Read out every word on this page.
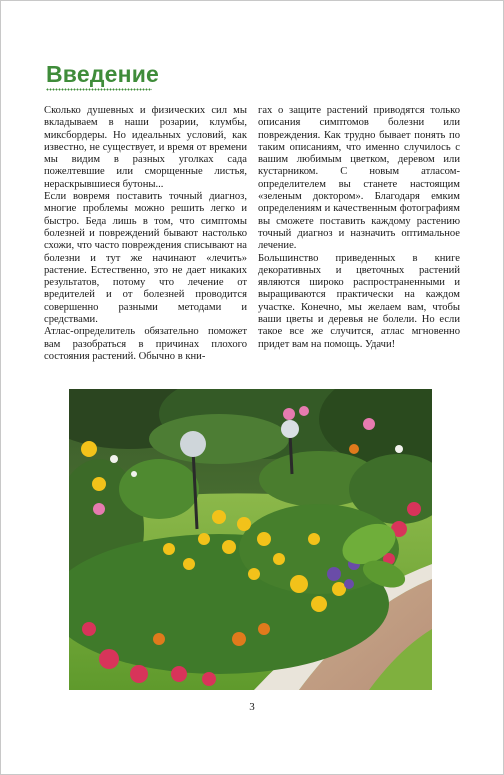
Введение

Сколько душевных и физических сил мы вкладываем в наши розарии, клумбы, миксбордеры. Но идеальных условий, как известно, не существует, и время от времени мы видим в разных уголках сада пожелтевшие или сморщенные листья, нераскрывшиеся бутоны...

Если вовремя поставить точный диагноз, многие проблемы можно решить легко и быстро. Беда лишь в том, что симптомы болезней и повреждений бывают настолько схожи, что часто повреждения списывают на болезни и тут же начинают «лечить» растение. Естественно, это не дает никаких результатов, потому что лечение от вредителей и от болезней проводится совершенно разными методами и средствами.

Атлас-определитель обязательно поможет вам разобраться в причинах плохого состояния растений. Обычно в кни-

гах о защите растений приводятся только описания симптомов болезни или повреждения. Как трудно бывает понять по таким описаниям, что именно случилось с вашим любимым цветком, деревом или кустарником. С новым атласом-определителем вы станете настоящим «зеленым доктором». Благодаря емким определениям и качественным фотографиям вы сможете поставить каждому растению точный диагноз и назначить оптимальное лечение.

Большинство приведенных в книге декоративных и цветочных растений являются широко распространенными и выращиваются практически на каждом участке. Конечно, мы желаем вам, чтобы ваши цветы и деревья не болели. Но если такое все же случится, атлас мгновенно придет вам на помощь. Удачи!

3
